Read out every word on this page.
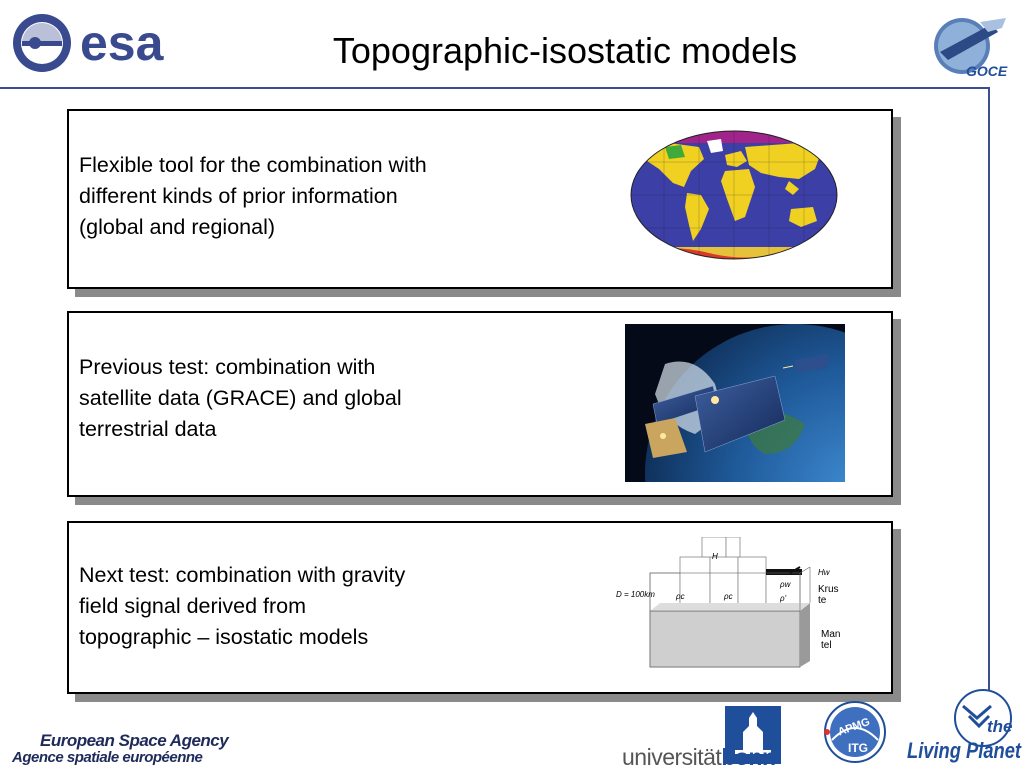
esa	Topographic-isostatic models	GOCE
Flexible tool for the combination with
different kinds of prior information
(global and regional)
Previous test: combination with
satellite data (GRACE) and global
terrestrial data
Next test: combination with gravity
field signal derived from
topographic – isostatic models
D = 100km
H
Hw
ρc	ρc
ρw
ρ'
Krus
te
Man
tel
European Space Agency
Agence spatiale européenne	universitätbonn
APMG
ITG
the
Living Planet
